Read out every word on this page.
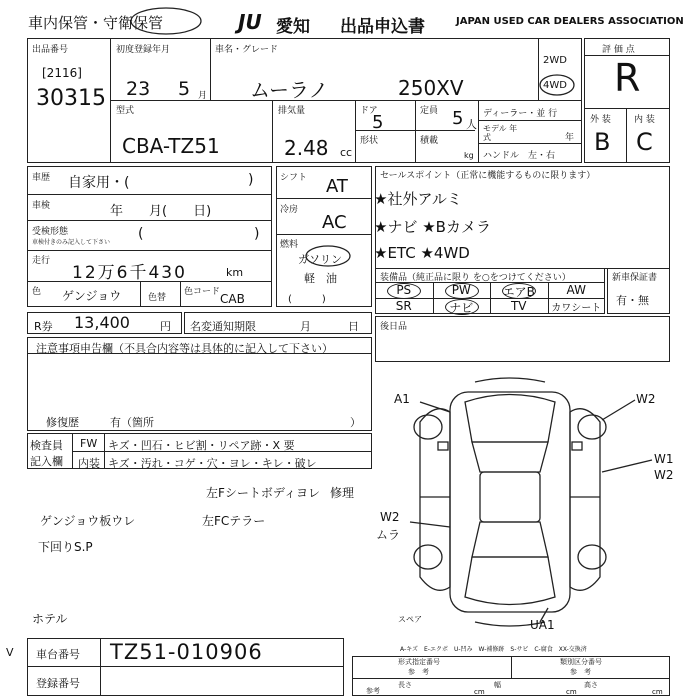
車内保管・守衛保管	JU 愛知 出品申込書	JAPAN USED CAR DEALERS ASSOCIATION
出品番号
[2116]
30315
初度登録年月
23 5 月
車名・グレード
ムーラノ	250XV
2WD
4WD
評 価 点
R
外 装	内 装
B C
型式
CBA-TZ51
排気量
2.48 cc
ドア
5
定員 5 人
形状	積載
kg
ディーラー・並 行
モデル 年式	年
ハンドル　左・右
車歴 自家用・(	)
車検	年　　月(　　日)
受検形態
車検付きのみ記入して下さい
(	)
走行
12万6千430	km
色 ゲンジョウ	色替
色コード CAB
シフト AT
冷房
AC
燃料
ガソリン
軽　油
(　　　)
セールスポイント（正常に機能するものに限ります）
★社外アルミ
★ナビ ★Bカメラ
★ETC ★4WD
装備品（純正品に限り を○をつけてください）
PS	PW	エアB	AW
SR	ナビ	TV	カワシート
新車保証書
有・無
R券 13,400	円 名変通知期限	月	日 後日品
注意事項申告欄（不具合内容等は具体的に記入して下さい）
修復歴	有（箇所	）
検査員
記入欄
FW キズ・凹石・ヒビ割・リペア跡・X 要
内装 キズ・汚れ・コゲ・穴・ヨレ・キレ・破レ
左Fシートボディヨレ 修理
左FCテラー
ゲンジョウ板ウレ
下回りS.P
ホテル
A1	W2
W1
W2
W2
ムラ
UA1
スペア
A-キズ　E-エクボ　U-凹み　W-補修跡　S-サビ　C-腐食　XX-交換済
V 車台番号 TZ51-010906
登録番号
形式指定番号
参　考
類別区分番号
参　考
参考
長さ
cm
幅
cm
高さ
cm
